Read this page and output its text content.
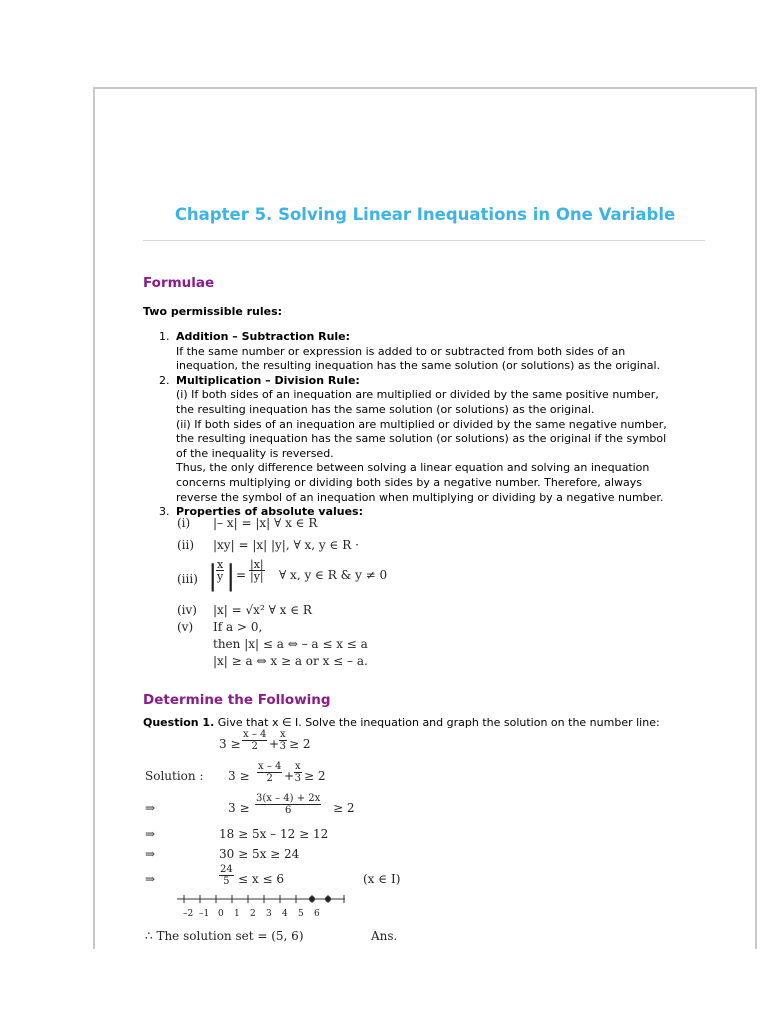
Chapter 5. Solving Linear Inequations in One Variable
Formulae
Two permissible rules:
1. Addition – Subtraction Rule:
If the same number or expression is added to or subtracted from both sides of an
inequation, the resulting inequation has the same solution (or solutions) as the original.
2. Multiplication – Division Rule:
(i) If both sides of an inequation are multiplied or divided by the same positive number,
the resulting inequation has the same solution (or solutions) as the original.
(ii) If both sides of an inequation are multiplied or divided by the same negative number,
the resulting inequation has the same solution (or solutions) as the original if the symbol
of the inequality is reversed.
Thus, the only difference between solving a linear equation and solving an inequation
concerns multiplying or dividing both sides by a negative number. Therefore, always
reverse the symbol of an inequation when multiplying or dividing by a negative number.
3. Properties of absolute values:
(i) |– x| = |x| ∀ x ∈ R
(ii) |xy| = |x| |y|, ∀ x, y ∈ R ·
(iii) |
$\frac{x}{y}$ | = $\frac{|x|}{|y|}$ ∀ x, y ∈ R & y ≠ 0
(iv) |x| = √x² ∀ x ∈ R
(v) If a > 0,
then |x| ≤ a ⇔ – a ≤ x ≤ a
|x| ≥ a ⇔ x ≥ a or x ≤ – a.
Determine the Following
Question 1. Give that x ∈ I. Solve the inequation and graph the solution on the number line:
$3 \ge \frac{x - 4}{2} + \frac{x}{3} \ge 2$
Solution : $3 \ge \frac{x - 4}{2} + \frac{x}{3} \ge 2$
⇒	$3 \ge \frac{3(x - 4) + 2x}{6} \ge 2$
⇒	18 ≥ 5x – 12 ≥ 12
⇒	30 ≥ 5x ≥ 24
⇒	$\frac{24}{5} \le x \le 6$	(x ∈ I)
–2 –1 0 1 2 3 4 5 6
∴ The solution set = (5, 6)	Ans.
